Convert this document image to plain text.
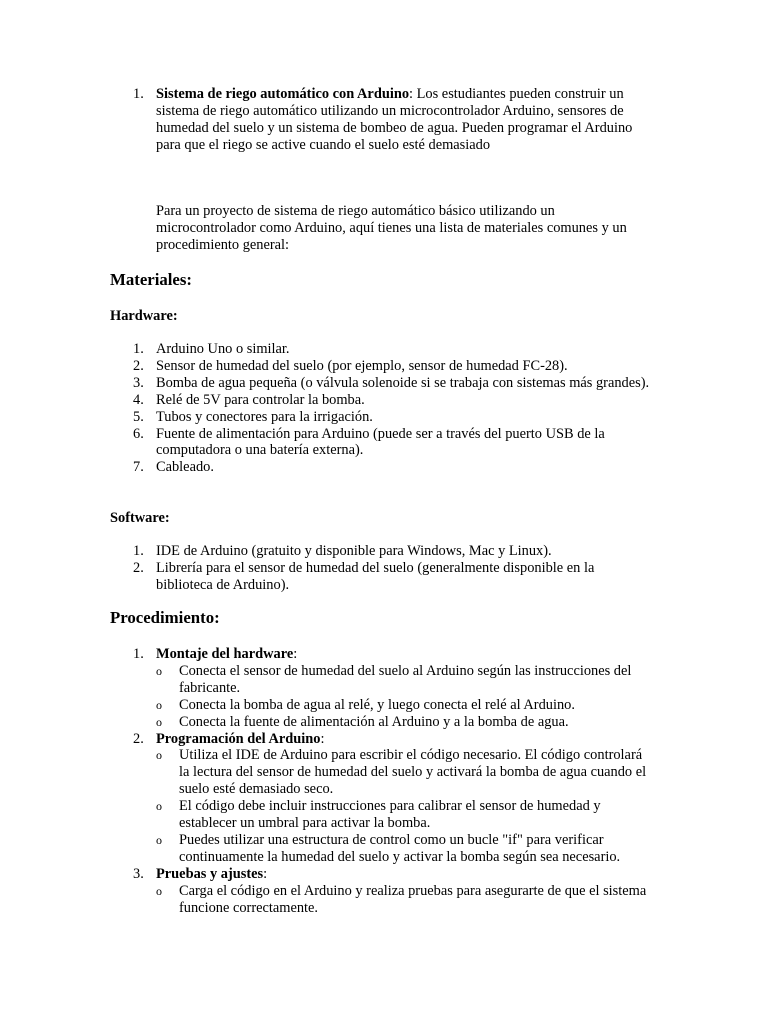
1. Sistema de riego automático con Arduino: Los estudiantes pueden construir un sistema de riego automático utilizando un microcontrolador Arduino, sensores de humedad del suelo y un sistema de bombeo de agua. Pueden programar el Arduino para que el riego se active cuando el suelo esté demasiado
Para un proyecto de sistema de riego automático básico utilizando un microcontrolador como Arduino, aquí tienes una lista de materiales comunes y un procedimiento general:
Materiales:
Hardware:
1. Arduino Uno o similar.
2. Sensor de humedad del suelo (por ejemplo, sensor de humedad FC-28).
3. Bomba de agua pequeña (o válvula solenoide si se trabaja con sistemas más grandes).
4. Relé de 5V para controlar la bomba.
5. Tubos y conectores para la irrigación.
6. Fuente de alimentación para Arduino (puede ser a través del puerto USB de la computadora o una batería externa).
7. Cableado.
Software:
1. IDE de Arduino (gratuito y disponible para Windows, Mac y Linux).
2. Librería para el sensor de humedad del suelo (generalmente disponible en la biblioteca de Arduino).
Procedimiento:
1. Montaje del hardware:
o Conecta el sensor de humedad del suelo al Arduino según las instrucciones del fabricante.
o Conecta la bomba de agua al relé, y luego conecta el relé al Arduino.
o Conecta la fuente de alimentación al Arduino y a la bomba de agua.
2. Programación del Arduino:
o Utiliza el IDE de Arduino para escribir el código necesario. El código controlará la lectura del sensor de humedad del suelo y activará la bomba de agua cuando el suelo esté demasiado seco.
o El código debe incluir instrucciones para calibrar el sensor de humedad y establecer un umbral para activar la bomba.
o Puedes utilizar una estructura de control como un bucle "if" para verificar continuamente la humedad del suelo y activar la bomba según sea necesario.
3. Pruebas y ajustes:
o Carga el código en el Arduino y realiza pruebas para asegurarte de que el sistema funcione correctamente.
